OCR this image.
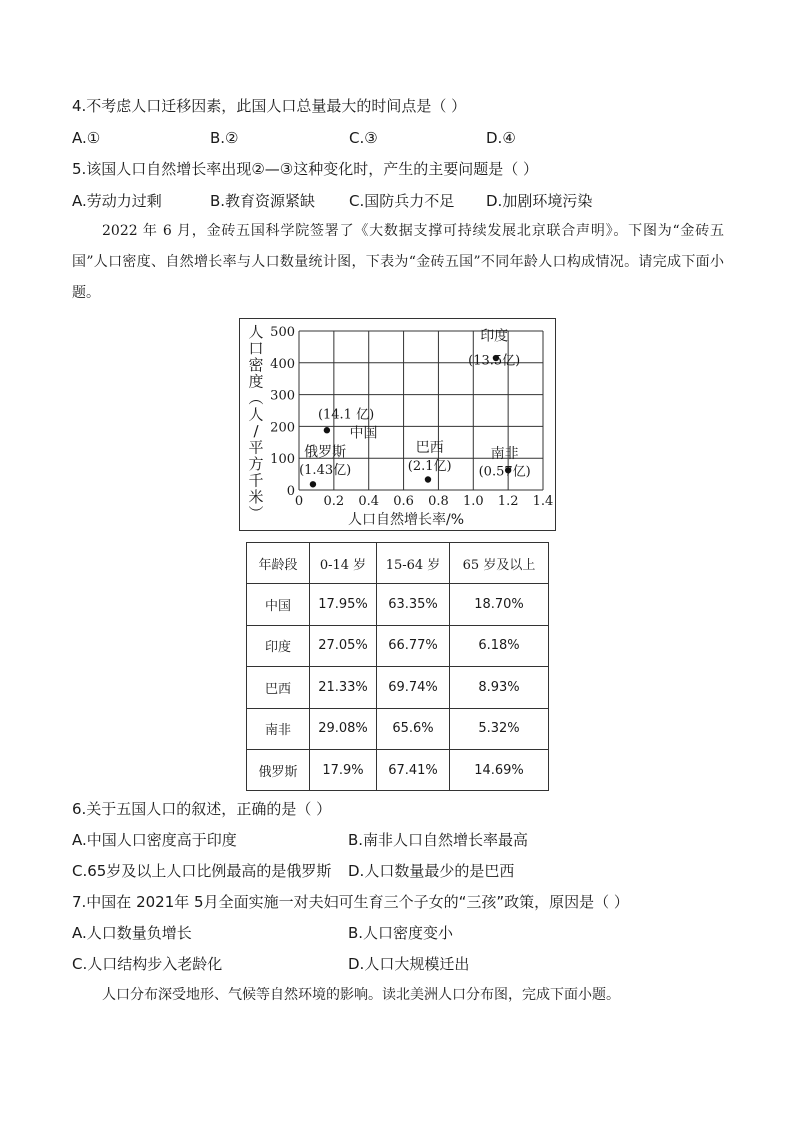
4.不考虑人口迁移因素，此国人口总量最大的时间点是（ ）
A.①	B.②	C.③	D.④
5.该国人口自然增长率出现②—③这种变化时，产生的主要问题是（ ）
A.劳动力过剩	B.教育资源紧缺 C.国防兵力不足 D.加剧环境污染

2022 年 6 月，金砖五国科学院签署了《大数据支撑可持续发展北京联合声明》。下图为“金砖五国”人口密度、自然增长率与人口数量统计图，下表为“金砖五国”不同年龄人口构成情况。请完成下面小题。

0 0.2 0.4 0.6 0.8 1.0 1.2 1.4
0
100
200
300
400
500
人口自然增长率/%
人口密度︵人∕平方千米︶
印度
(13.5亿)
中国
(14.1 亿)
俄罗斯
(1.43亿)
巴西
(2.1亿)
南非
(0.57亿)
年龄段	0-14 岁	15-64 岁	65 岁及以上
中国	17.95%	63.35%	18.70%
印度	27.05%	66.77%	6.18%
巴西	21.33%	69.74%	8.93%
南非	29.08%	65.6%	5.32%
俄罗斯	17.9%	67.41%	14.69%
6.关于五国人口的叙述，正确的是（ ）
A.中国人口密度高于印度	B.南非人口自然增长率最高
C.65岁及以上人口比例最高的是俄罗斯 D.人口数量最少的是巴西
7.中国在 2021年 5月全面实施一对夫妇可生育三个子女的“三孩”政策，原因是（ ）
A.人口数量负增长	B.人口密度变小
C.人口结构步入老龄化	D.人口大规模迁出

人口分布深受地形、气候等自然环境的影响。读北美洲人口分布图，完成下面小题。
